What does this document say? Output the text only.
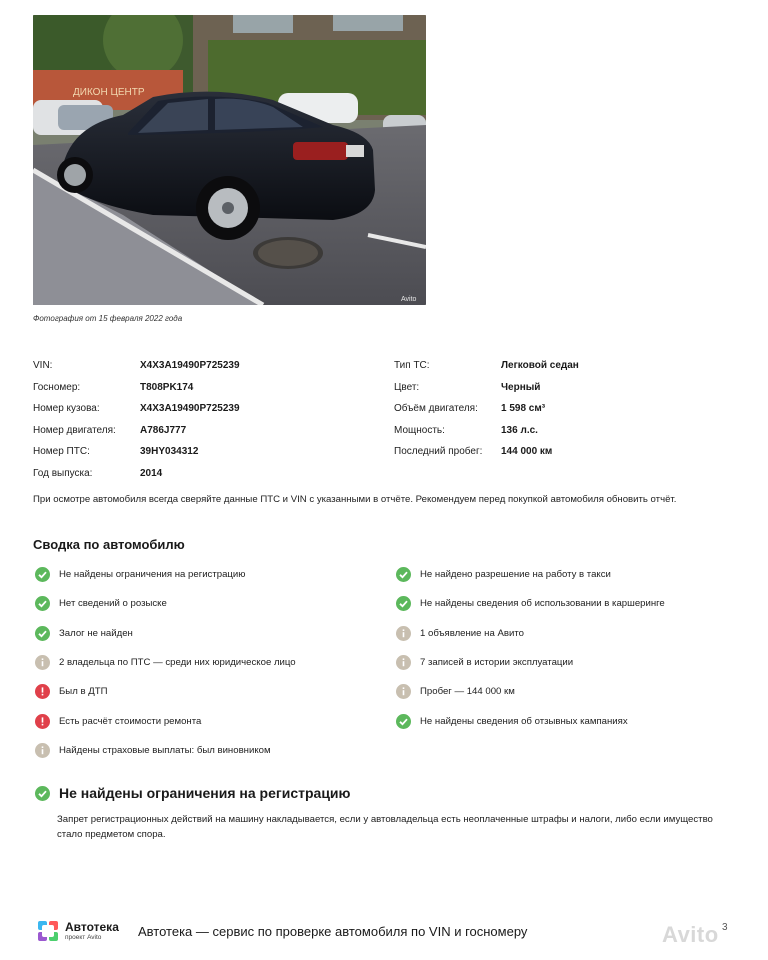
ДИКОН ЦЕНТР
Avito
Фотография от 15 февраля 2022 года
VIN:	X4X3A19490P725239
Госномер:	T808PK174
Номер кузова:	X4X3A19490P725239
Номер двигателя: A786J777
Номер ПТС:	39HY034312
Год выпуска:	2014
Тип ТС:	Легковой седан
Цвет:	Черный
Объём двигателя: 1 598 см³
Мощность:	136 л.с.
Последний пробег: 144 000 км
При осмотре автомобиля всегда сверяйте данные ПТС и VIN с указанными в отчёте. Рекомендуем перед покупкой автомобиля обновить отчёт.
Сводка по автомобилю
Не найдены ограничения на регистрацию
Нет сведений о розыске
Залог не найден
2 владельца по ПТС — среди них юридическое лицо
Был в ДТП
Есть расчёт стоимости ремонта
Найдены страховые выплаты: был виновником
Не найдено разрешение на работу в такси
Не найдены сведения об использовании в каршеринге
1 объявление на Авито
7 записей в истории эксплуатации
Пробег — 144 000 км
Не найдены сведения об отзывных кампаниях
Не найдены ограничения на регистрацию
Запрет регистрационных действий на машину накладывается, если у автовладельца есть неоплаченные штрафы и налоги, либо если имущество стало предметом спора.
Автотека
проект Avito	Автотека — сервис по проверке автомобиля по VIN и госномеру	Avito 3
